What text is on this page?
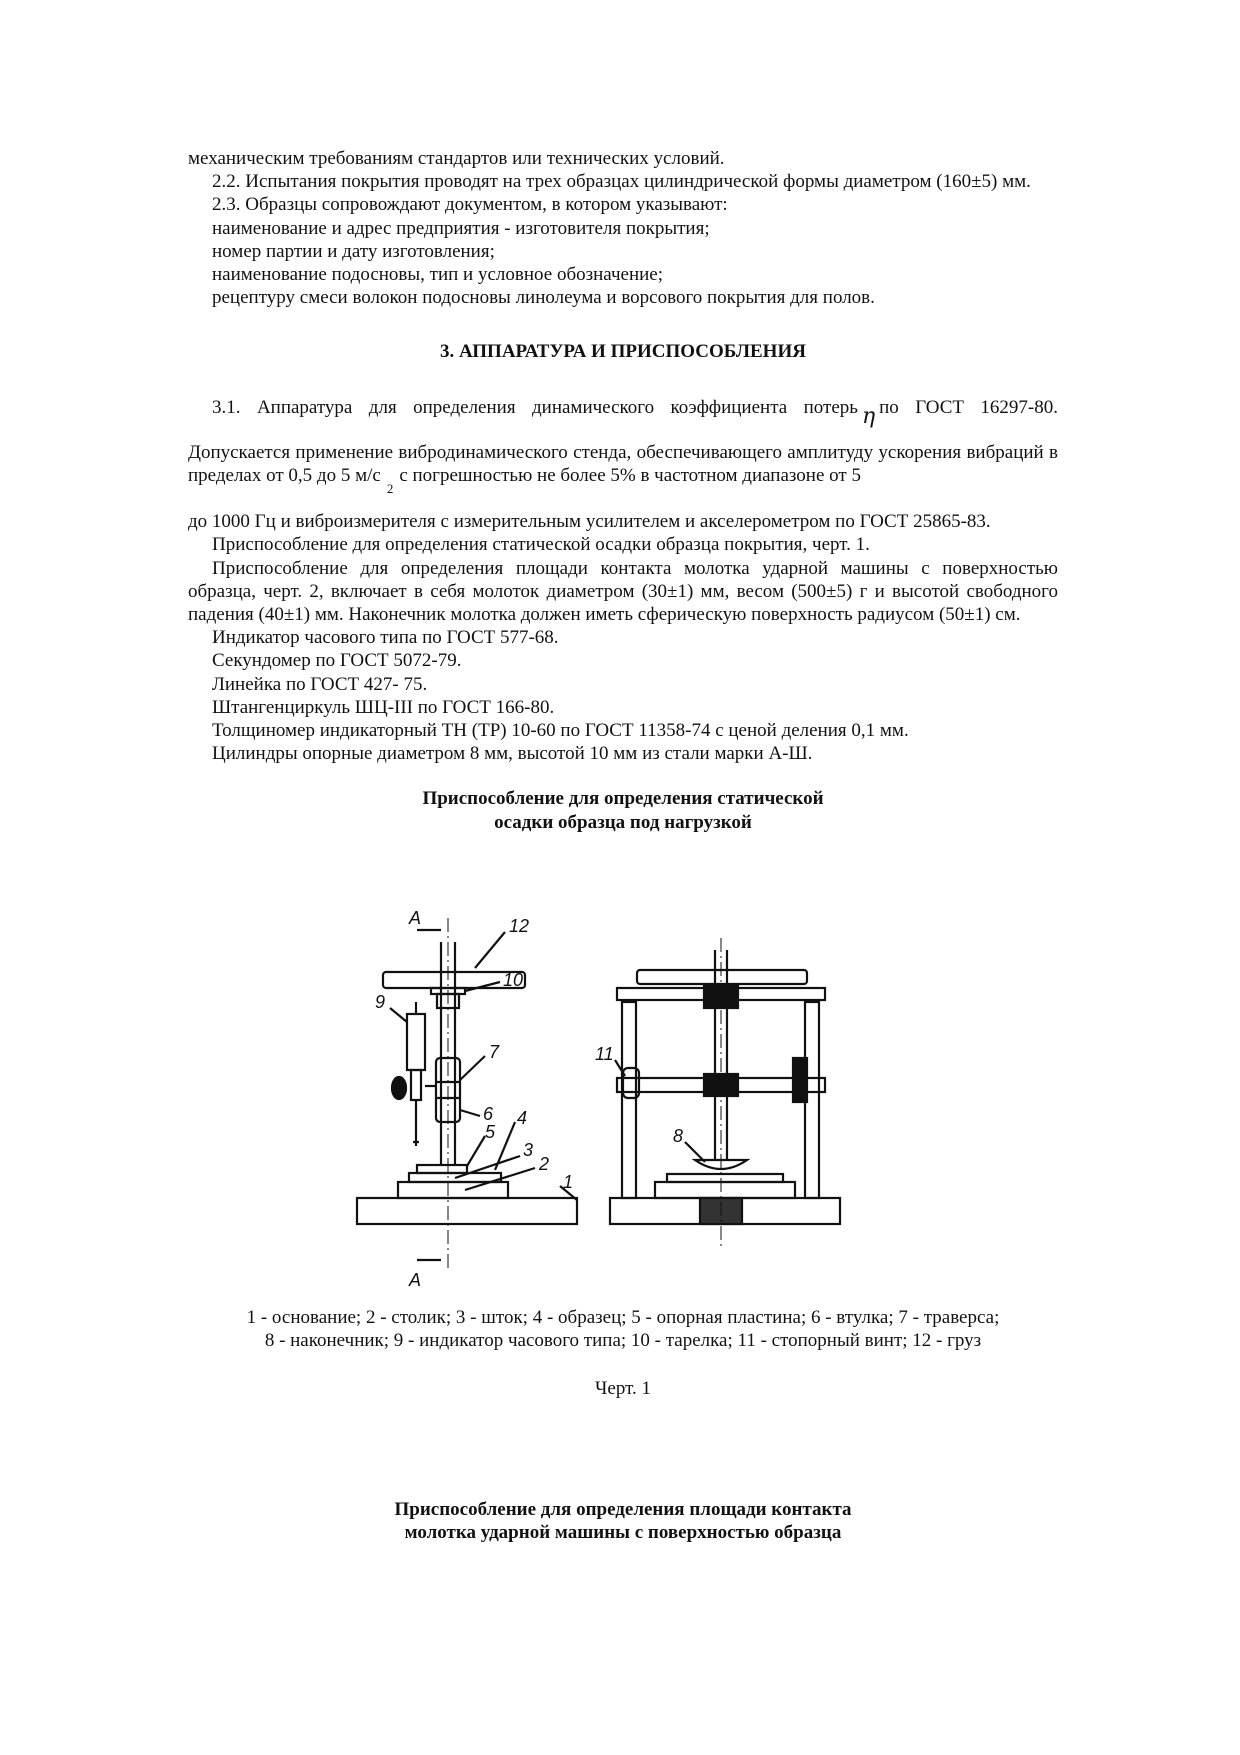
механическим требованиям стандартов или технических условий.

2.2. Испытания покрытия проводят на трех образцах цилиндрической формы диаметром (160±5) мм.

2.3. Образцы сопровождают документом, в котором указывают:

наименование и адрес предприятия - изготовителя покрытия;
номер партии и дату изготовления;
наименование подосновы, тип и условное обозначение;
рецептуру смеси волокон подосновы линолеума и ворсового покрытия для полов.
3. АППАРАТУРА И ПРИСПОСОБЛЕНИЯ

3.1. Аппаратура для определения динамического коэффициента потерь η по ГОСТ 16297-80.

Допускается применение вибродинамического стенда, обеспечивающего амплитуду ускорения вибраций в пределах от 0,5 до 5 $м/с_2с$ погрешностью не более 5% в частотном диапазоне от 5

до 1000 Гц и виброизмерителя с измерительным усилителем и акселерометром по ГОСТ 25865-83.

Приспособление для определения статической осадки образца покрытия, черт. 1.

Приспособление для определения площади контакта молотка ударной машины с поверхностью образца, черт. 2, включает в себя молоток диаметром (30±1) мм, весом (500±5) г и высотой свободного падения (40±1) мм. Наконечник молотка должен иметь сферическую поверхность радиусом (50±1) см.

Индикатор часового типа по ГОСТ 577-68.
Секундомер по ГОСТ 5072-79.
Линейка по ГОСТ 427- 75.
Штангенциркуль ШЦ-III по ГОСТ 166-80.
Толщиномер индикаторный ТН (ТР) 10-60 по ГОСТ 11358-74 с ценой деления 0,1 мм.
Цилиндры опорные диаметром 8 мм, высотой 10 мм из стали марки А-Ш.

Приспособление для определения статической

осадки образца под нагрузкой

А
А
12
10
9
7
6
5
4
3
2
1
11
8
1 - основание; 2 - столик; 3 - шток; 4 - образец; 5 - опорная пластина; 6 - втулка; 7 - траверса;
8 - наконечник; 9 - индикатор часового типа; 10 - тарелка; 11 - стопорный винт; 12 - груз
Черт. 1

Приспособление для определения площади контакта

молотка ударной машины с поверхностью образца
